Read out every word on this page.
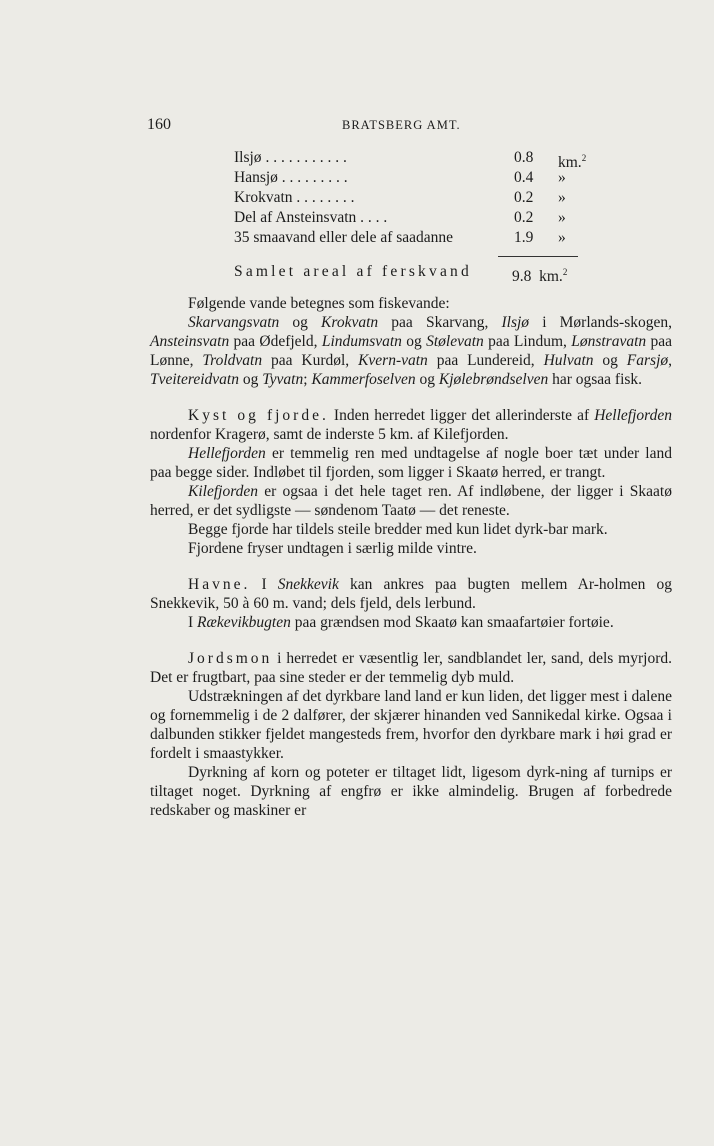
160	BRATSBERG AMT.
Ilsjø . . . . . . . . . . .	0.8 km.$^2$
Hansjø . . . . . . . . .	0.4 »
Krokvatn . . . . . . . .	0.2 »
Del af Ansteinsvatn . . . .	0.2 »
35 smaavand eller dele af saadanne	1.9 »
Samlet areal af ferskvand	9.8 km.$^2$

Følgende vande betegnes som fiskevande:

Skarvangsvatn og Krokvatn paa Skarvang, Ilsjø i Mørlands-skogen, Ansteinsvatn paa Ødefjeld, Lindumsvatn og Stølevatn paa Lindum, Lønstravatn paa Lønne, Troldvatn paa Kurdøl, Kvern-vatn paa Lundereid, Hulvatn og Farsjø, Tveitereidvatn og Tyvatn; Kammerfoselven og Kjølebrøndselven har ogsaa fisk.

Kyst og fjorde. Inden herredet ligger det allerinderste af Hellefjorden nordenfor Kragerø, samt de inderste 5 km. af Kilefjorden.

Hellefjorden er temmelig ren med undtagelse af nogle boer tæt under land paa begge sider. Indløbet til fjorden, som ligger i Skaatø herred, er trangt.

Kilefjorden er ogsaa i det hele taget ren. Af indløbene, der ligger i Skaatø herred, er det sydligste — søndenom Taatø — det reneste.

Begge fjorde har tildels steile bredder med kun lidet dyrk-bar mark.

Fjordene fryser undtagen i særlig milde vintre.

Havne. I Snekkevik kan ankres paa bugten mellem Ar-holmen og Snekkevik, 50 à 60 m. vand; dels fjeld, dels lerbund.

I Rækevikbugten paa grændsen mod Skaatø kan smaafartøier fortøie.

Jordsmon i herredet er væsentlig ler, sandblandet ler, sand, dels myrjord. Det er frugtbart, paa sine steder er der temmelig dyb muld.

Udstrækningen af det dyrkbare land land er kun liden, det ligger mest i dalene og fornemmelig i de 2 dalfører, der skjærer hinanden ved Sannikedal kirke. Ogsaa i dalbunden stikker fjeldet mangesteds frem, hvorfor den dyrkbare mark i høi grad er fordelt i smaastykker.

Dyrkning af korn og poteter er tiltaget lidt, ligesom dyrk-ning af turnips er tiltaget noget. Dyrkning af engfrø er ikke almindelig. Brugen af forbedrede redskaber og maskiner er
